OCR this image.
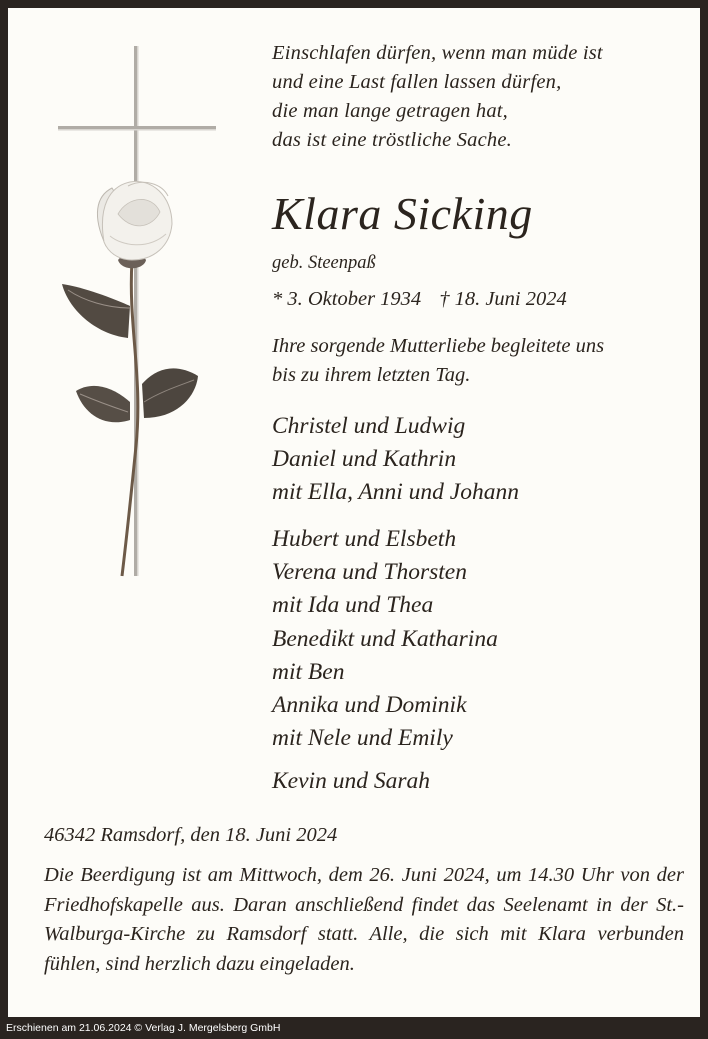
Einschlafen dürfen, wenn man müde ist
und eine Last fallen lassen dürfen,
die man lange getragen hat,
das ist eine tröstliche Sache.
Klara Sicking
geb. Steenpaß
* 3. Oktober 1934 † 18. Juni 2024
Ihre sorgende Mutterliebe begleitete uns
bis zu ihrem letzten Tag.
Christel und Ludwig
Daniel und Kathrin
mit Ella, Anni und Johann
Hubert und Elsbeth
Verena und Thorsten
mit Ida und Thea
Benedikt und Katharina
mit Ben
Annika und Dominik
mit Nele und Emily
Kevin und Sarah
46342 Ramsdorf, den 18. Juni 2024
Die Beerdigung ist am Mittwoch, dem 26. Juni 2024, um 14.30 Uhr von der Friedhofskapelle aus. Daran anschließend findet das Seelenamt in der St.-Walburga-Kirche zu Ramsdorf statt. Alle, die sich mit Klara verbunden fühlen, sind herzlich dazu eingeladen.
Erschienen am 21.06.2024 © Verlag J. Mergelsberg GmbH
